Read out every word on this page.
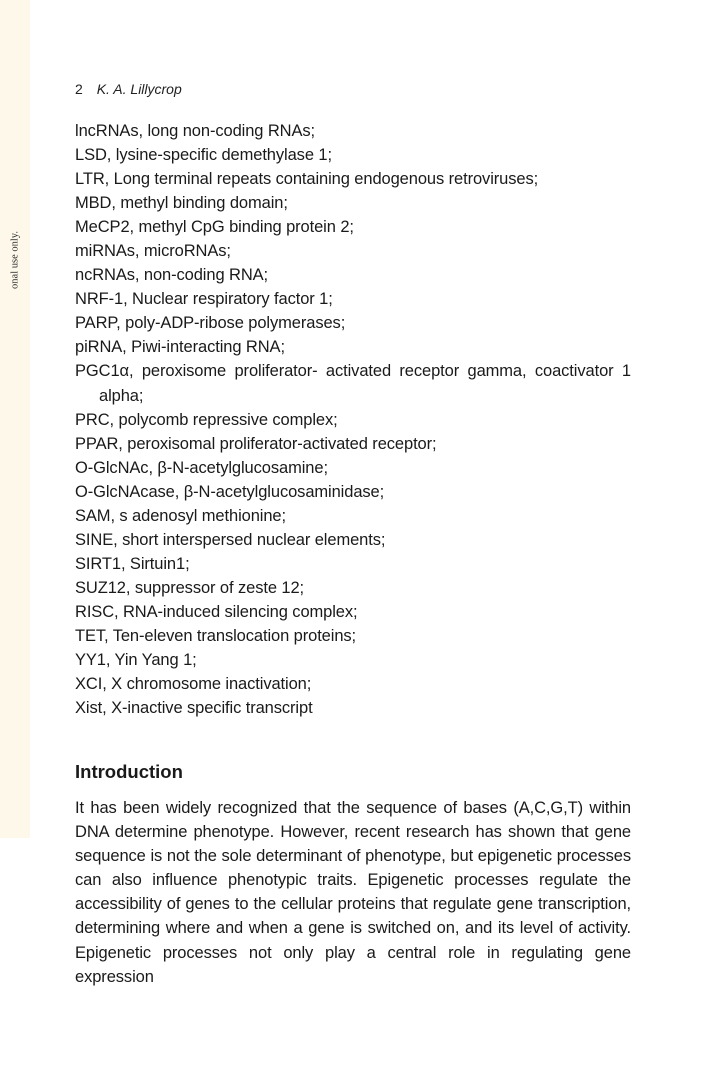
onal use only.
2 K. A. Lillycrop
lncRNAs, long non-coding RNAs;
LSD, lysine-specific demethylase 1;
LTR, Long terminal repeats containing endogenous retroviruses;
MBD, methyl binding domain;
MeCP2, methyl CpG binding protein 2;
miRNAs, microRNAs;
ncRNAs, non-coding RNA;
NRF-1, Nuclear respiratory factor 1;
PARP, poly-ADP-ribose polymerases;
piRNA, Piwi-interacting RNA;
PGC1α, peroxisome proliferator- activated receptor gamma, coactivator 1 alpha;
PRC, polycomb repressive complex;
PPAR, peroxisomal proliferator-activated receptor;
O-GlcNAc, β-N-acetylglucosamine;
O-GlcNAcase, β-N-acetylglucosaminidase;
SAM, s adenosyl methionine;
SINE, short interspersed nuclear elements;
SIRT1, Sirtuin1;
SUZ12, suppressor of zeste 12;
RISC, RNA-induced silencing complex;
TET, Ten-eleven translocation proteins;
YY1, Yin Yang 1;
XCI, X chromosome inactivation;
Xist, X-inactive specific transcript
Introduction

It has been widely recognized that the sequence of bases (A,C,G,T) within DNA determine phenotype. However, recent research has shown that gene sequence is not the sole determinant of phenotype, but epigenetic processes can also influence phenotypic traits. Epigenetic processes regulate the accessibility of genes to the cellular proteins that regulate gene transcription, determining where and when a gene is switched on, and its level of activity. Epigenetic processes not only play a central role in regulating gene expression
